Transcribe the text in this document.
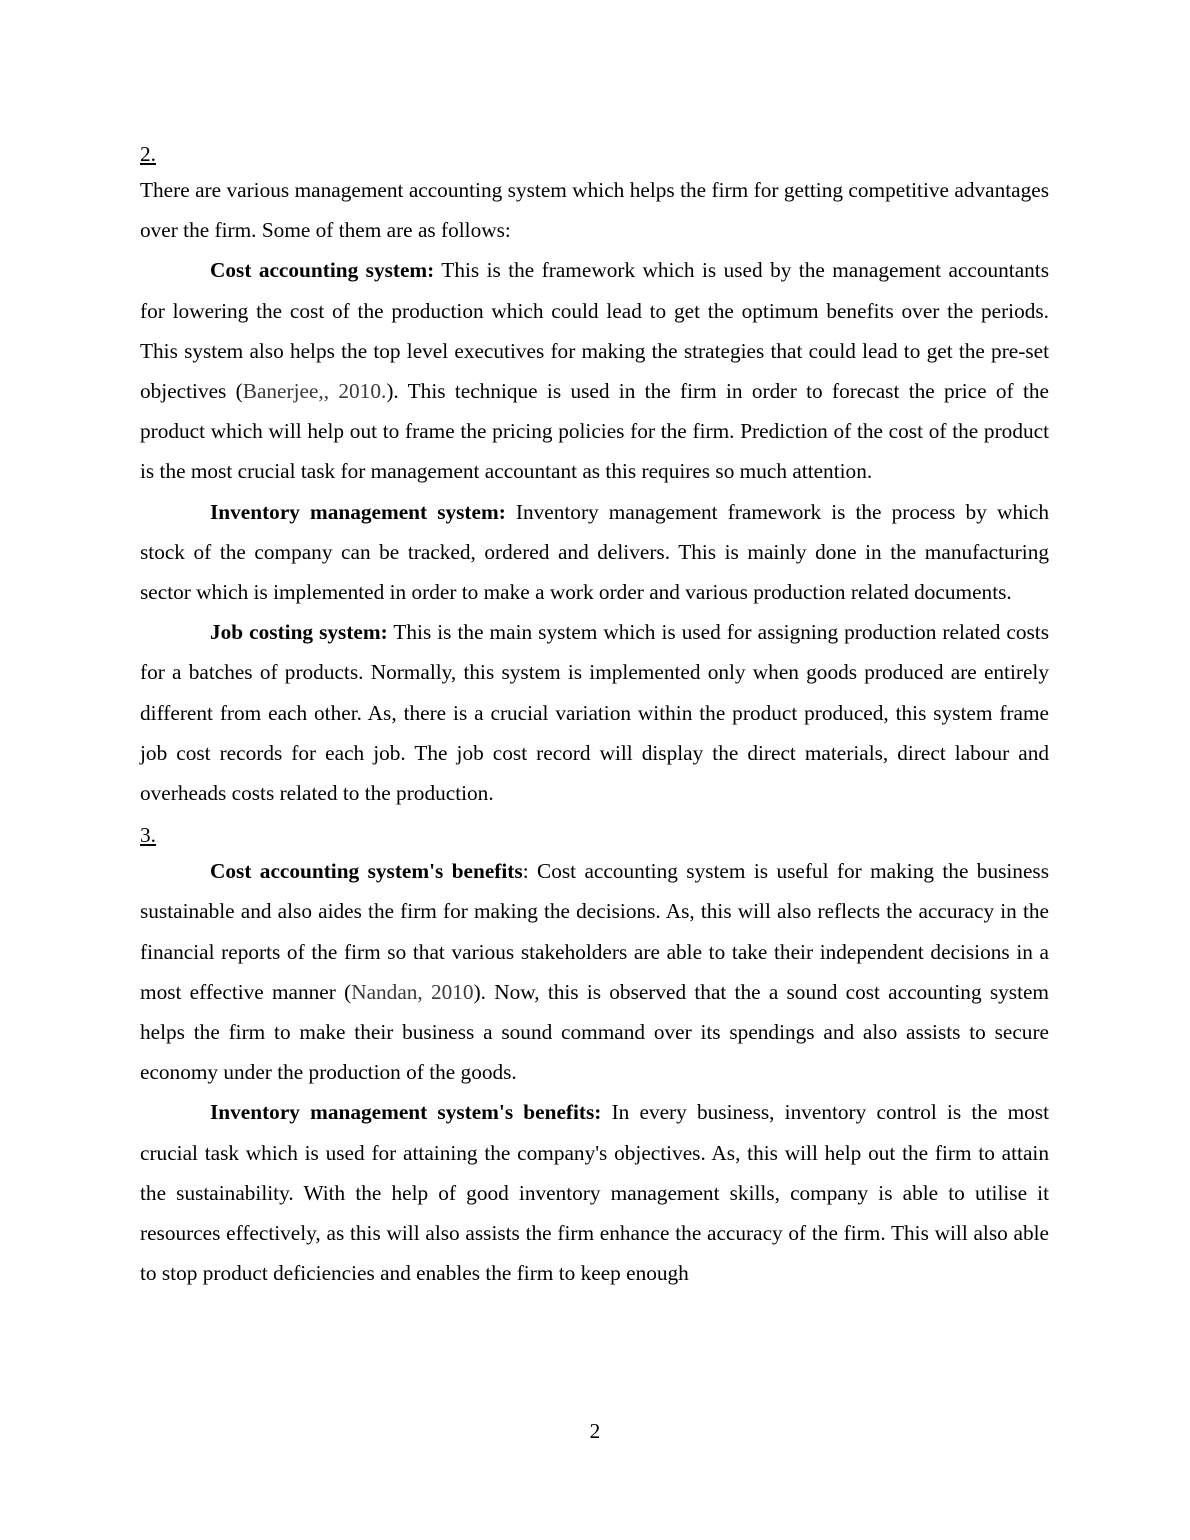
2.

There are various management accounting system which helps the firm for getting competitive advantages over the firm. Some of them are as follows:

Cost accounting system: This is the framework which is used by the management accountants for lowering the cost of the production which could lead to get the optimum benefits over the periods. This system also helps the top level executives for making the strategies that could lead to get the pre-set objectives (Banerjee,, 2010.). This technique is used in the firm in order to forecast the price of the product which will help out to frame the pricing policies for the firm. Prediction of the cost of the product is the most crucial task for management accountant as this requires so much attention.

Inventory management system: Inventory management framework is the process by which stock of the company can be tracked, ordered and delivers. This is mainly done in the manufacturing sector which is implemented in order to make a work order and various production related documents.

Job costing system: This is the main system which is used for assigning production related costs for a batches of products. Normally, this system is implemented only when goods produced are entirely different from each other. As, there is a crucial variation within the product produced, this system frame job cost records for each job. The job cost record will display the direct materials, direct labour and overheads costs related to the production.

3.

Cost accounting system's benefits: Cost accounting system is useful for making the business sustainable and also aides the firm for making the decisions. As, this will also reflects the accuracy in the financial reports of the firm so that various stakeholders are able to take their independent decisions in a most effective manner (Nandan, 2010). Now, this is observed that the a sound cost accounting system helps the firm to make their business a sound command over its spendings and also assists to secure economy under the production of the goods.

Inventory management system's benefits: In every business, inventory control is the most crucial task which is used for attaining the company's objectives. As, this will help out the firm to attain the sustainability. With the help of good inventory management skills, company is able to utilise it resources effectively, as this will also assists the firm enhance the accuracy of the firm. This will also able to stop product deficiencies and enables the firm to keep enough

2
